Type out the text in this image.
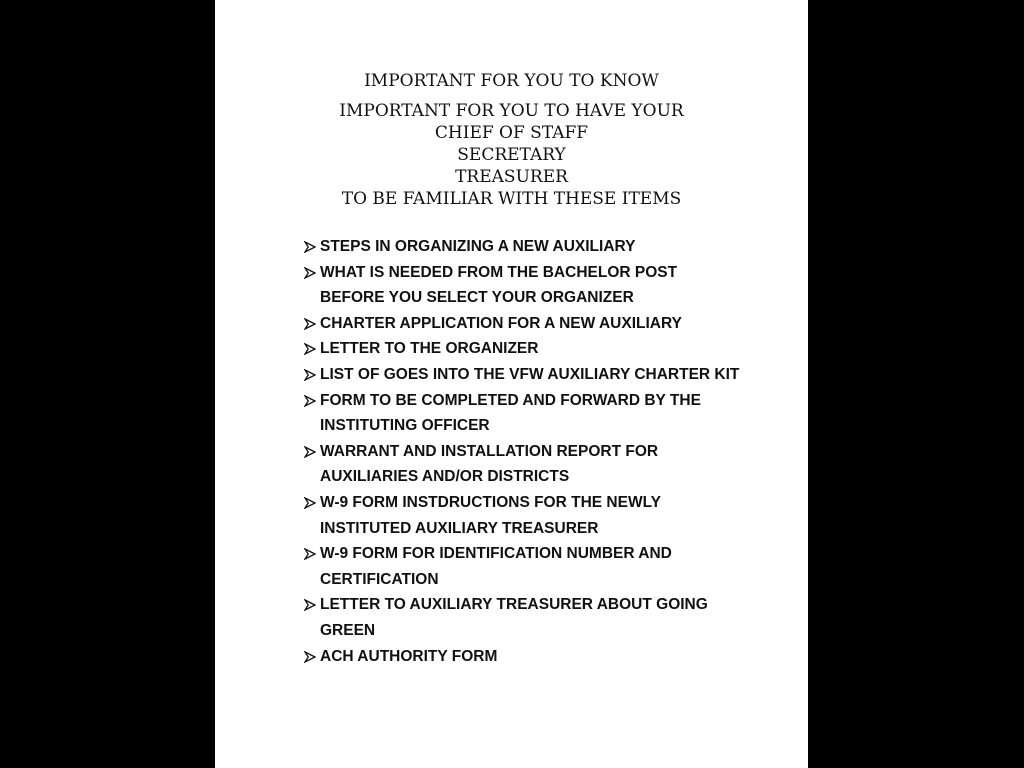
IMPORTANT FOR YOU TO KNOW
IMPORTANT FOR YOU TO HAVE YOUR
CHIEF OF STAFF
SECRETARY
TREASURER
TO BE FAMILIAR WITH THESE ITEMS
STEPS IN ORGANIZING A NEW AUXILIARY
WHAT IS NEEDED FROM THE BACHELOR POST BEFORE YOU SELECT YOUR ORGANIZER
CHARTER APPLICATION FOR A NEW AUXILIARY
LETTER TO THE ORGANIZER
LIST OF GOES INTO THE VFW AUXILIARY CHARTER KIT
FORM TO BE COMPLETED AND FORWARD BY THE INSTITUTING OFFICER
WARRANT AND INSTALLATION REPORT FOR AUXILIARIES AND/OR DISTRICTS
W-9 FORM INSTDRUCTIONS FOR THE NEWLY INSTITUTED AUXILIARY TREASURER
W-9 FORM FOR IDENTIFICATION NUMBER AND CERTIFICATION
LETTER TO AUXILIARY TREASURER ABOUT GOING GREEN
ACH AUTHORITY FORM
